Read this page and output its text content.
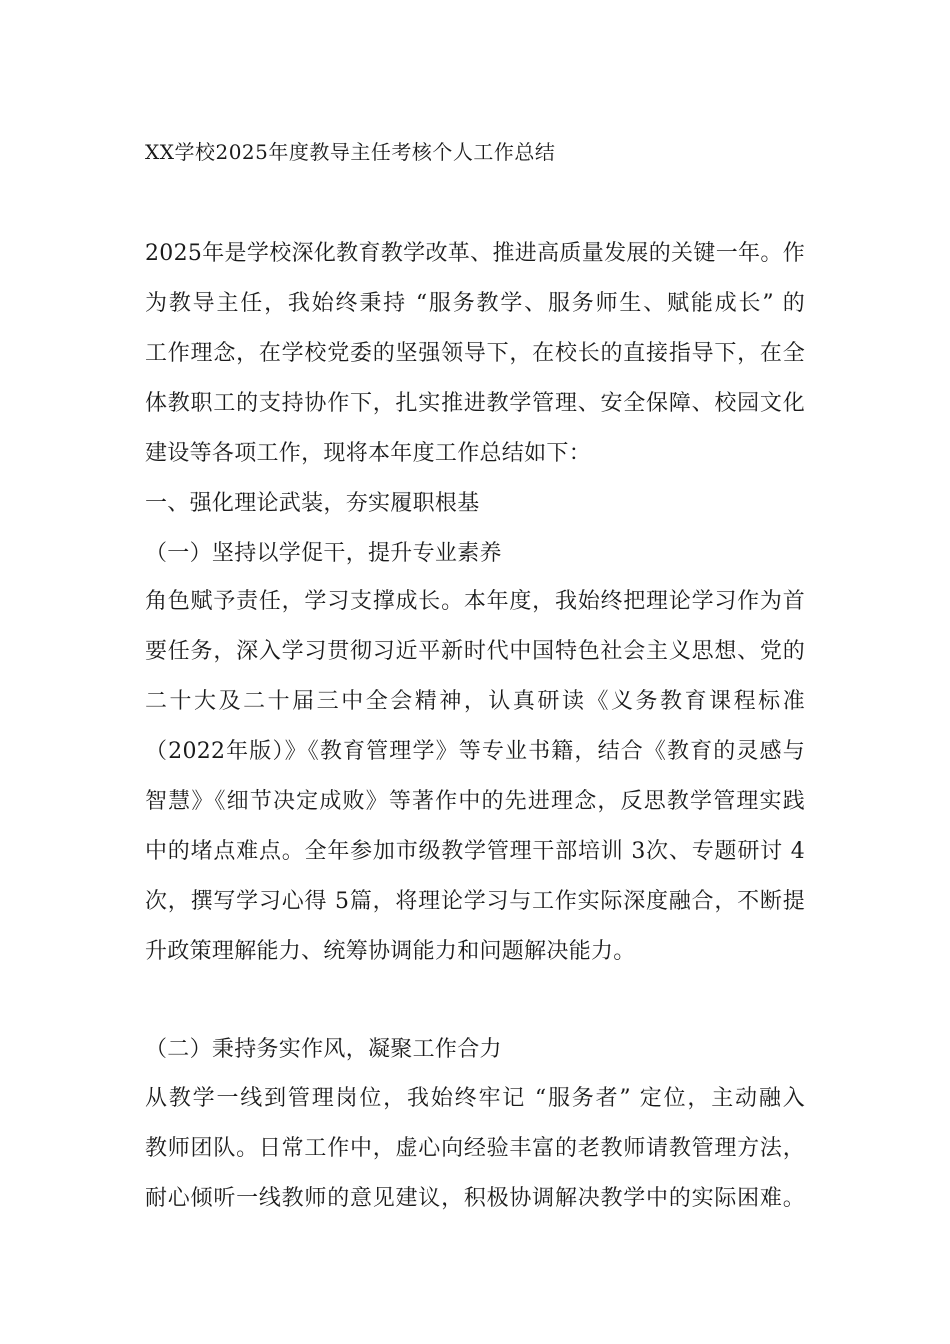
XX学校2025年度教导主任考核个人工作总结
2025年是学校深化教育教学改革、推进高质量发展的关键一年。作
为教导主任，我始终秉持 “服务教学、服务师生、赋能成长” 的
工作理念，在学校党委的坚强领导下，在校长的直接指导下，在全
体教职工的支持协作下，扎实推进教学管理、安全保障、校园文化
建设等各项工作，现将本年度工作总结如下：
一、强化理论武装，夯实履职根基
（一）坚持以学促干，提升专业素养
角色赋予责任，学习支撑成长。本年度，我始终把理论学习作为首
要任务，深入学习贯彻习近平新时代中国特色社会主义思想、党的
二十大及二十届三中全会精神，认真研读《义务教育课程标准
（2022年版）》《教育管理学》等专业书籍，结合《教育的灵感与
智慧》《细节决定成败》等著作中的先进理念，反思教学管理实践
中的堵点难点。全年参加市级教学管理干部培训 3次、专题研讨 4
次，撰写学习心得 5篇，将理论学习与工作实际深度融合，不断提
升政策理解能力、统筹协调能力和问题解决能力。
（二）秉持务实作风，凝聚工作合力
从教学一线到管理岗位，我始终牢记 “服务者” 定位，主动融入
教师团队。日常工作中，虚心向经验丰富的老教师请教管理方法，
耐心倾听一线教师的意见建议，积极协调解决教学中的实际困难。
